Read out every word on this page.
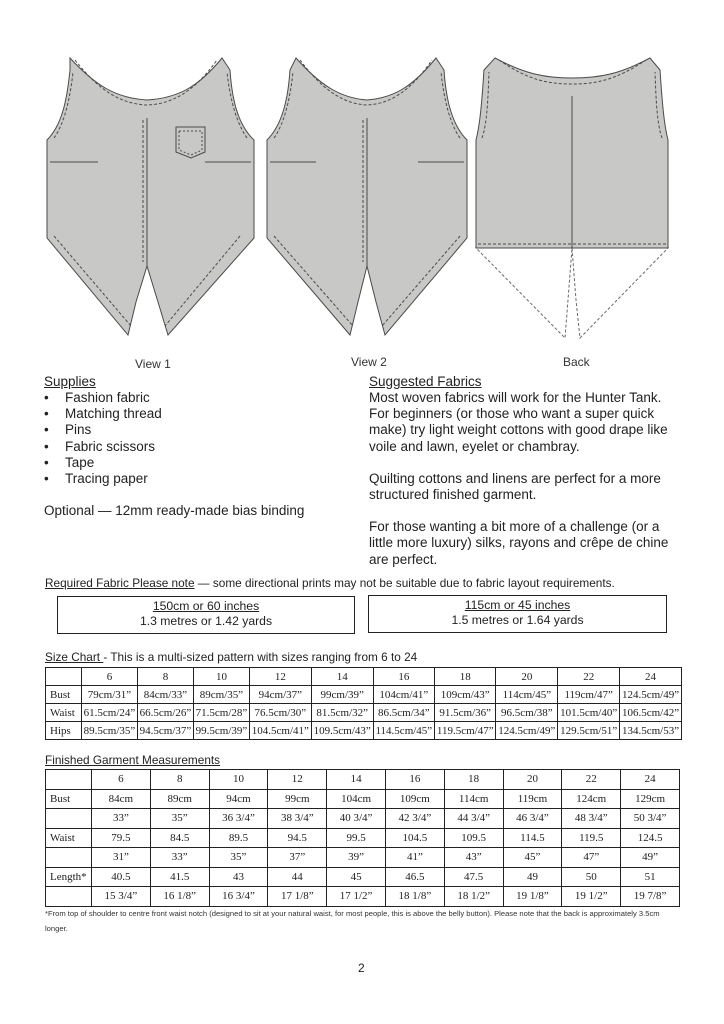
View 1	View 2	Back
Supplies
• Fashion fabric
• Matching thread
• Pins
• Fabric scissors
• Tape
• Tracing paper
Optional — 12mm ready-made bias binding
Suggested Fabrics
Most woven fabrics will work for the Hunter Tank.
For beginners (or those who want a super quick
make) try light weight cottons with good drape like
voile and lawn, eyelet or chambray.
Quilting cottons and linens are perfect for a more
structured finished garment.
For those wanting a bit more of a challenge (or a
little more luxury) silks, rayons and crêpe de chine
are perfect.
Required Fabric Please note — some directional prints may not be suitable due to fabric layout requirements.
150cm or 60 inches
1.3 metres or 1.42 yards
115cm or 45 inches
1.5 metres or 1.64 yards
Size Chart - This is a multi-sized pattern with sizes ranging from 6 to 24
	6	8	10	12	14	16	18	20	22	24
Bust	79cm/31”	84cm/33”	89cm/35”	94cm/37”	99cm/39”	104cm/41”	109cm/43”	114cm/45”	119cm/47”	124.5cm/49”
Waist	61.5cm/24”	66.5cm/26”	71.5cm/28”	76.5cm/30”	81.5cm/32”	86.5cm/34”	91.5cm/36”	96.5cm/38”	101.5cm/40”	106.5cm/42”
Hips	89.5cm/35”	94.5cm/37”	99.5cm/39”	104.5cm/41”	109.5cm/43”	114.5cm/45”	119.5cm/47”	124.5cm/49”	129.5cm/51”	134.5cm/53”
Finished Garment Measurements
	6	8	10	12	14	16	18	20	22	24
Bust	84cm	89cm	94cm	99cm	104cm	109cm	114cm	119cm	124cm	129cm
	33”	35”	36 3/4”	38 3/4”	40 3/4”	42 3/4”	44 3/4”	46 3/4”	48 3/4”	50 3/4”
Waist	79.5	84.5	89.5	94.5	99.5	104.5	109.5	114.5	119.5	124.5
	31”	33”	35”	37”	39”	41”	43”	45”	47”	49”
Length*	40.5	41.5	43	44	45	46.5	47.5	49	50	51
	15 3/4”	16 1/8”	16 3/4”	17 1/8”	17 1/2”	18 1/8”	18 1/2”	19 1/8”	19 1/2”	19 7/8”
*From top of shoulder to centre front waist notch (designed to sit at your natural waist, for most people, this is above the belly button). Please note that the back is approximately 3.5cm
longer.
2
